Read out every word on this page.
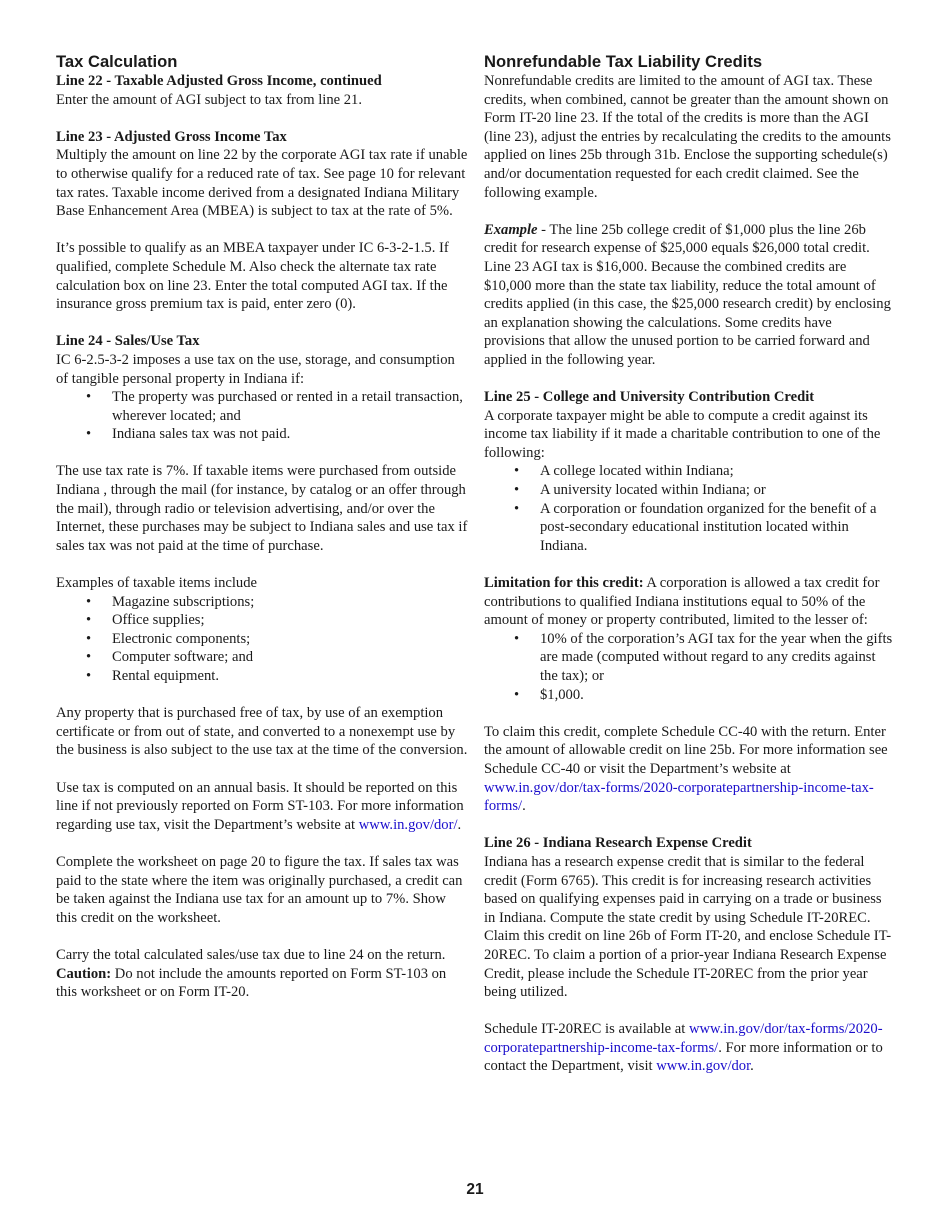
Tax Calculation

Line 22 - Taxable Adjusted Gross Income, continued

Enter the amount of AGI subject to tax from line 21.

Line 23 - Adjusted Gross Income Tax

Multiply the amount on line 22 by the corporate AGI tax rate if unable to otherwise qualify for a reduced rate of tax. See page 10 for relevant tax rates. Taxable income derived from a designated Indiana Military Base Enhancement Area (MBEA) is subject to tax at the rate of 5%.

It’s possible to qualify as an MBEA taxpayer under IC 6-3-2-1.5. If qualified, complete Schedule M. Also check the alternate tax rate calculation box on line 23. Enter the total computed AGI tax. If the insurance gross premium tax is paid, enter zero (0).

Line 24 - Sales/Use Tax

IC 6-2.5-3-2 imposes a use tax on the use, storage, and consumption of tangible personal property in Indiana if:

• The property was purchased or rented in a retail transaction, wherever located; and
• Indiana sales tax was not paid.

The use tax rate is 7%. If taxable items were purchased from outside Indiana , through the mail (for instance, by catalog or an offer through the mail), through radio or television advertising, and/or over the Internet, these purchases may be subject to Indiana sales and use tax if sales tax was not paid at the time of purchase.

Examples of taxable items include

• Magazine subscriptions;
• Office supplies;
• Electronic components;
• Computer software; and
• Rental equipment.

Any property that is purchased free of tax, by use of an exemption certificate or from out of state, and converted to a nonexempt use by the business is also subject to the use tax at the time of the conversion.

Use tax is computed on an annual basis. It should be reported on this line if not previously reported on Form ST-103. For more information regarding use tax, visit the Department’s website at www.in.gov/dor/.

Complete the worksheet on page 20 to figure the tax. If sales tax was paid to the state where the item was originally purchased, a credit can be taken against the Indiana use tax for an amount up to 7%. Show this credit on the worksheet.

Carry the total calculated sales/use tax due to line 24 on the return. Caution: Do not include the amounts reported on Form ST-103 on this worksheet or on Form IT-20.

Nonrefundable Tax Liability Credits

Nonrefundable credits are limited to the amount of AGI tax. These credits, when combined, cannot be greater than the amount shown on Form IT-20 line 23. If the total of the credits is more than the AGI (line 23), adjust the entries by recalculating the credits to the amounts applied on lines 25b through 31b. Enclose the supporting schedule(s) and/or documentation requested for each credit claimed. See the following example.

Example - The line 25b college credit of $1,000 plus the line 26b credit for research expense of $25,000 equals $26,000 total credit. Line 23 AGI tax is $16,000. Because the combined credits are $10,000 more than the state tax liability, reduce the total amount of credits applied (in this case, the $25,000 research credit) by enclosing an explanation showing the calculations. Some credits have provisions that allow the unused portion to be carried forward and applied in the following year.

Line 25 - College and University Contribution Credit

A corporate taxpayer might be able to compute a credit against its income tax liability if it made a charitable contribution to one of the following:

• A college located within Indiana;
• A university located within Indiana; or
• A corporation or foundation organized for the benefit of a post-secondary educational institution located within Indiana.

Limitation for this credit: A corporation is allowed a tax credit for contributions to qualified Indiana institutions equal to 50% of the amount of money or property contributed, limited to the lesser of:

• 10% of the corporation’s AGI tax for the year when the gifts are made (computed without regard to any credits against the tax); or
• $1,000.

To claim this credit, complete Schedule CC-40 with the return. Enter the amount of allowable credit on line 25b. For more information see Schedule CC-40 or visit the Department’s website at www.in.gov/dor/tax-forms/2020-corporatepartnership-income-tax-forms/.

Line 26 - Indiana Research Expense Credit

Indiana has a research expense credit that is similar to the federal credit (Form 6765). This credit is for increasing research activities based on qualifying expenses paid in carrying on a trade or business in Indiana. Compute the state credit by using Schedule IT-20REC. Claim this credit on line 26b of Form IT-20, and enclose Schedule IT-20REC. To claim a portion of a prior-year Indiana Research Expense Credit, please include the Schedule IT-20REC from the prior year being utilized.

Schedule IT-20REC is available at www.in.gov/dor/tax-forms/2020-corporatepartnership-income-tax-forms/. For more information or to contact the Department, visit www.in.gov/dor.

21
